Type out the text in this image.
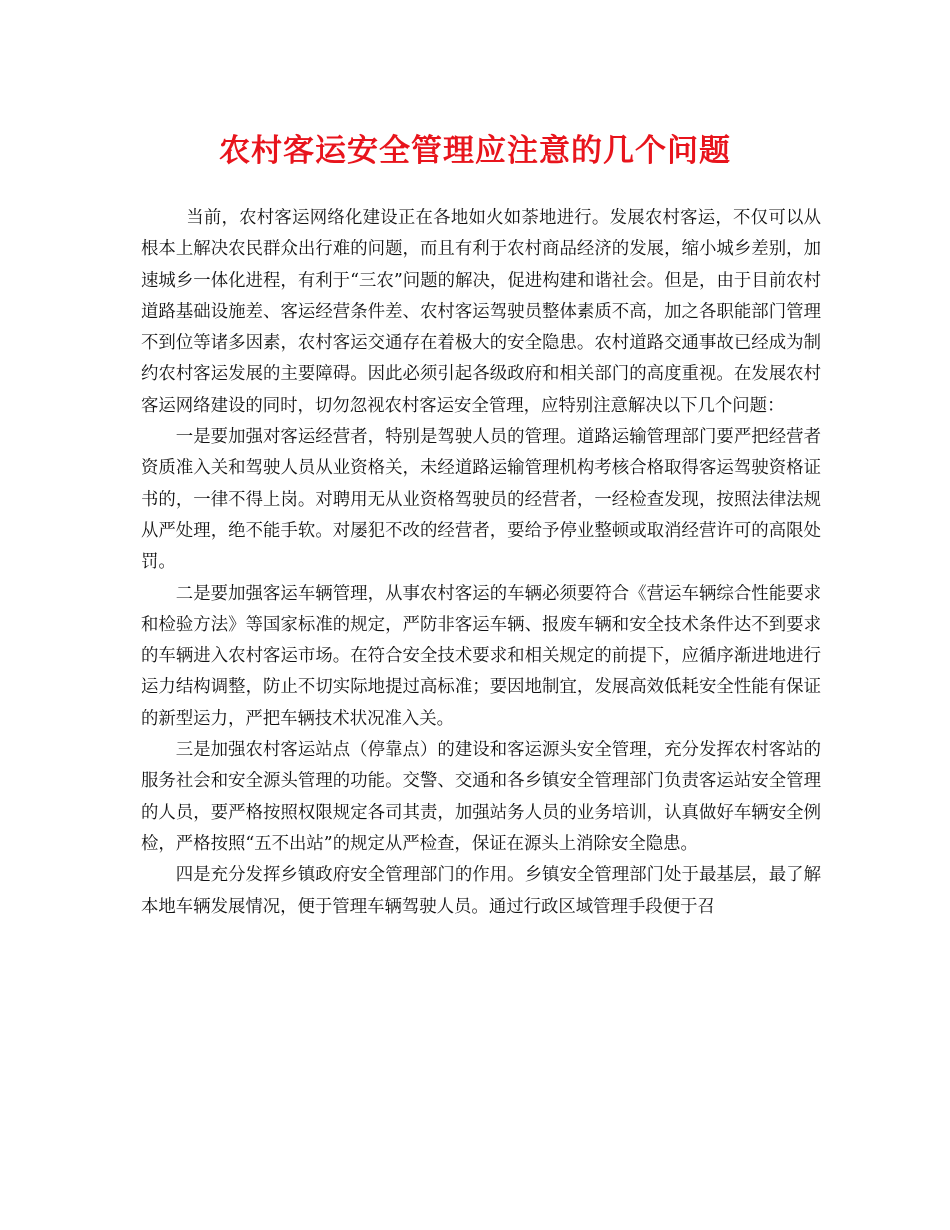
农村客运安全管理应注意的几个问题

当前，农村客运网络化建设正在各地如火如荼地进行。发展农村客运，不仅可以从根本上解决农民群众出行难的问题，而且有利于农村商品经济的发展，缩小城乡差别，加速城乡一体化进程，有利于“三农”问题的解决，促进构建和谐社会。但是，由于目前农村道路基础设施差、客运经营条件差、农村客运驾驶员整体素质不高，加之各职能部门管理不到位等诸多因素，农村客运交通存在着极大的安全隐患。农村道路交通事故已经成为制约农村客运发展的主要障碍。因此必须引起各级政府和相关部门的高度重视。在发展农村客运网络建设的同时，切勿忽视农村客运安全管理，应特别注意解决以下几个问题：

一是要加强对客运经营者，特别是驾驶人员的管理。道路运输管理部门要严把经营者资质准入关和驾驶人员从业资格关，未经道路运输管理机构考核合格取得客运驾驶资格证书的，一律不得上岗。对聘用无从业资格驾驶员的经营者，一经检查发现，按照法律法规从严处理，绝不能手软。对屡犯不改的经营者，要给予停业整顿或取消经营许可的高限处罚。

二是要加强客运车辆管理，从事农村客运的车辆必须要符合《营运车辆综合性能要求和检验方法》等国家标准的规定，严防非客运车辆、报废车辆和安全技术条件达不到要求的车辆进入农村客运市场。在符合安全技术要求和相关规定的前提下，应循序渐进地进行运力结构调整，防止不切实际地提过高标准；要因地制宜，发展高效低耗安全性能有保证的新型运力，严把车辆技术状况准入关。

三是加强农村客运站点（停靠点）的建设和客运源头安全管理，充分发挥农村客站的服务社会和安全源头管理的功能。交警、交通和各乡镇安全管理部门负责客运站安全管理的人员，要严格按照权限规定各司其责，加强站务人员的业务培训，认真做好车辆安全例检，严格按照“五不出站”的规定从严检查，保证在源头上消除安全隐患。

四是充分发挥乡镇政府安全管理部门的作用。乡镇安全管理部门处于最基层，最了解本地车辆发展情况，便于管理车辆驾驶人员。通过行政区域管理手段便于召
